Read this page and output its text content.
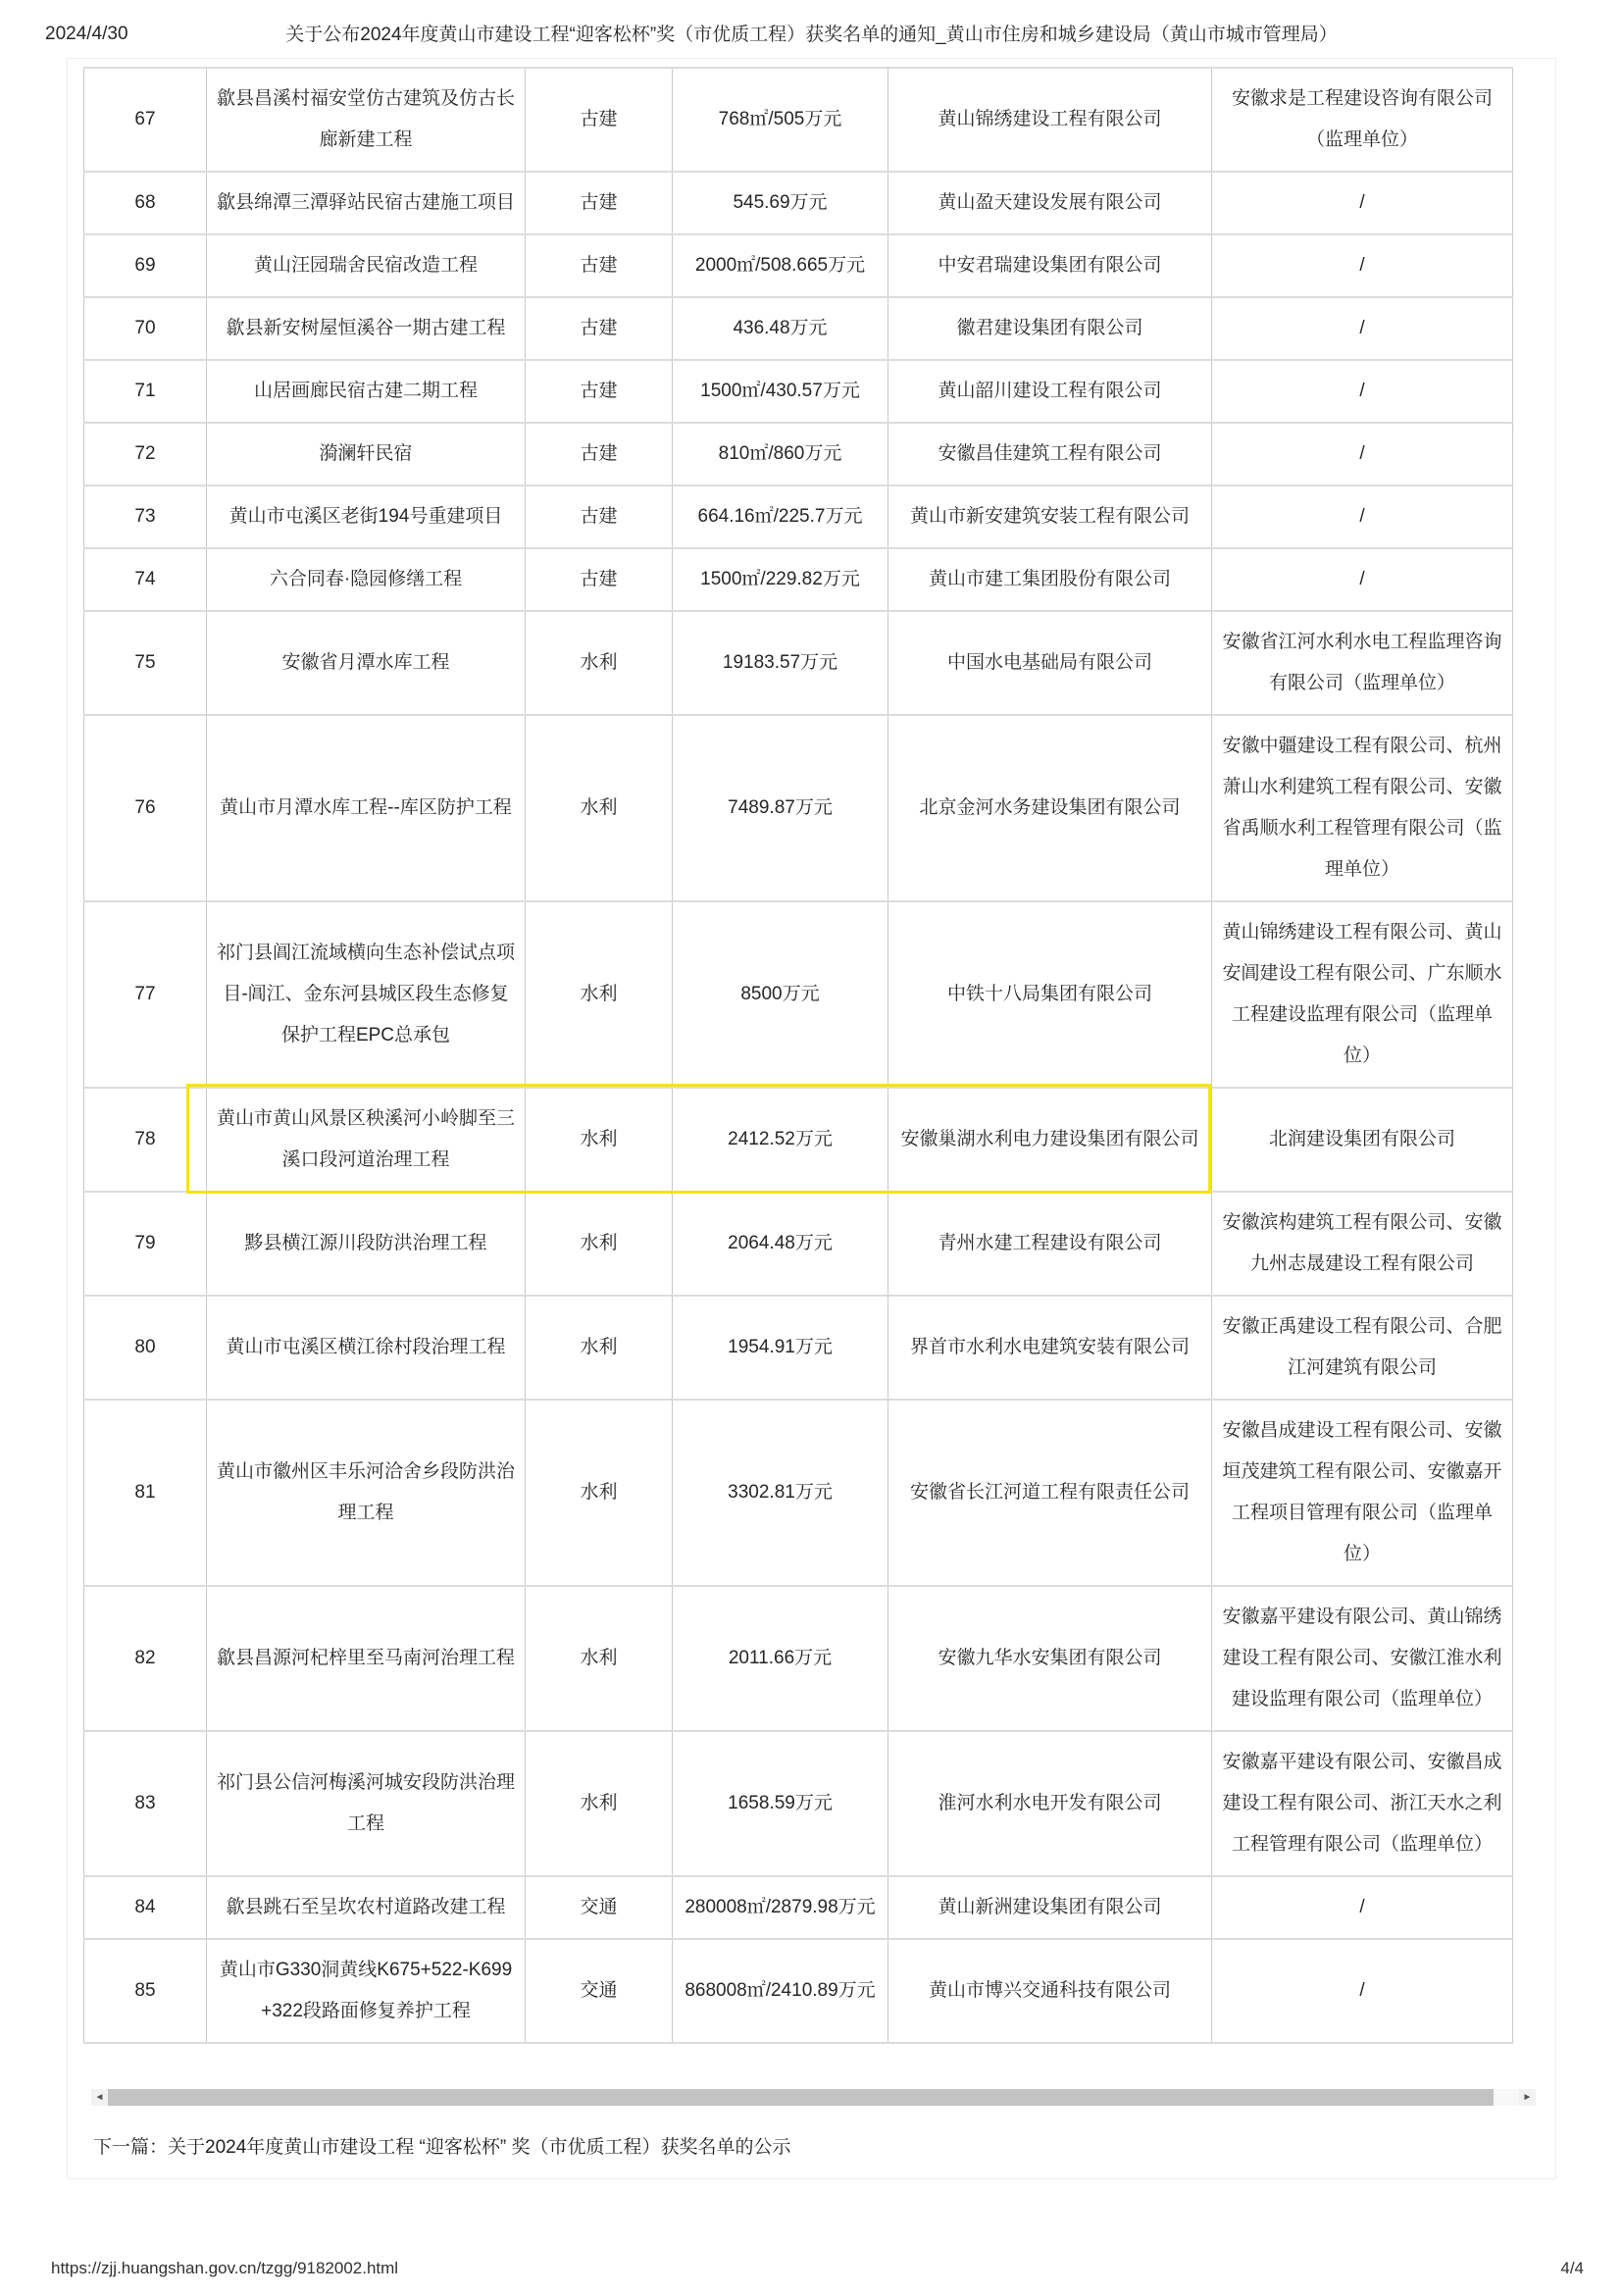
2024/4/30	关于公布2024年度黄山市建设工程“迎客松杯”奖（市优质工程）获奖名单的通知_黄山市住房和城乡建设局（黄山市城市管理局）
67	歙县昌溪村福安堂仿古建筑及仿古长廊新建工程	古建	768㎡/505万元	黄山锦绣建设工程有限公司	安徽求是工程建设咨询有限公司（监理单位）
68	歙县绵潭三潭驿站民宿古建施工项目	古建	545.69万元	黄山盈天建设发展有限公司	/
69	黄山汪园瑞舍民宿改造工程	古建	2000㎡/508.665万元	中安君瑞建设集团有限公司	/
70	歙县新安树屋恒溪谷一期古建工程	古建	436.48万元	徽君建设集团有限公司	/
71	山居画廊民宿古建二期工程	古建	1500㎡/430.57万元	黄山韶川建设工程有限公司	/
72	漪澜轩民宿	古建	810㎡/860万元	安徽昌佳建筑工程有限公司	/
73	黄山市屯溪区老街194号重建项目	古建	664.16㎡/225.7万元	黄山市新安建筑安装工程有限公司	/
74	六合同春·隐园修缮工程	古建	1500㎡/229.82万元	黄山市建工集团股份有限公司	/
75	安徽省月潭水库工程	水利	19183.57万元	中国水电基础局有限公司	安徽省江河水利水电工程监理咨询有限公司（监理单位）
76	黄山市月潭水库工程--库区防护工程	水利	7489.87万元	北京金河水务建设集团有限公司	安徽中疆建设工程有限公司、杭州萧山水利建筑工程有限公司、安徽省禹顺水利工程管理有限公司（监理单位）
77	祁门县阊江流域横向生态补偿试点项目-阊江、金东河县城区段生态修复保护工程EPC总承包	水利	8500万元	中铁十八局集团有限公司	黄山锦绣建设工程有限公司、黄山安阊建设工程有限公司、广东顺水工程建设监理有限公司（监理单位）
78	黄山市黄山风景区秧溪河小岭脚至三溪口段河道治理工程	水利	2412.52万元	安徽巢湖水利电力建设集团有限公司	北润建设集团有限公司
79	黟县横江源川段防洪治理工程	水利	2064.48万元	青州水建工程建设有限公司	安徽滨构建筑工程有限公司、安徽九州志晟建设工程有限公司
80	黄山市屯溪区横江徐村段治理工程	水利	1954.91万元	界首市水利水电建筑安装有限公司	安徽正禹建设工程有限公司、合肥江河建筑有限公司
81	黄山市徽州区丰乐河洽舍乡段防洪治理工程	水利	3302.81万元	安徽省长江河道工程有限责任公司	安徽昌成建设工程有限公司、安徽垣茂建筑工程有限公司、安徽嘉开工程项目管理有限公司（监理单位）
82	歙县昌源河杞梓里至马南河治理工程	水利	2011.66万元	安徽九华水安集团有限公司	安徽嘉平建设有限公司、黄山锦绣建设工程有限公司、安徽江淮水利建设监理有限公司（监理单位）
83	祁门县公信河梅溪河城安段防洪治理工程	水利	1658.59万元	淮河水利水电开发有限公司	安徽嘉平建设有限公司、安徽昌成建设工程有限公司、浙江天水之利工程管理有限公司（监理单位）
84	歙县跳石至呈坎农村道路改建工程	交通	280008㎡/2879.98万元	黄山新洲建设集团有限公司	/
85	黄山市G330洞黄线K675+522-K699+322段路面修复养护工程	交通	868008㎡/2410.89万元	黄山市博兴交通科技有限公司	/
◄	►
下一篇：关于2024年度黄山市建设工程 “迎客松杯” 奖（市优质工程）获奖名单的公示
https://zjj.huangshan.gov.cn/tzgg/9182002.html	4/4
